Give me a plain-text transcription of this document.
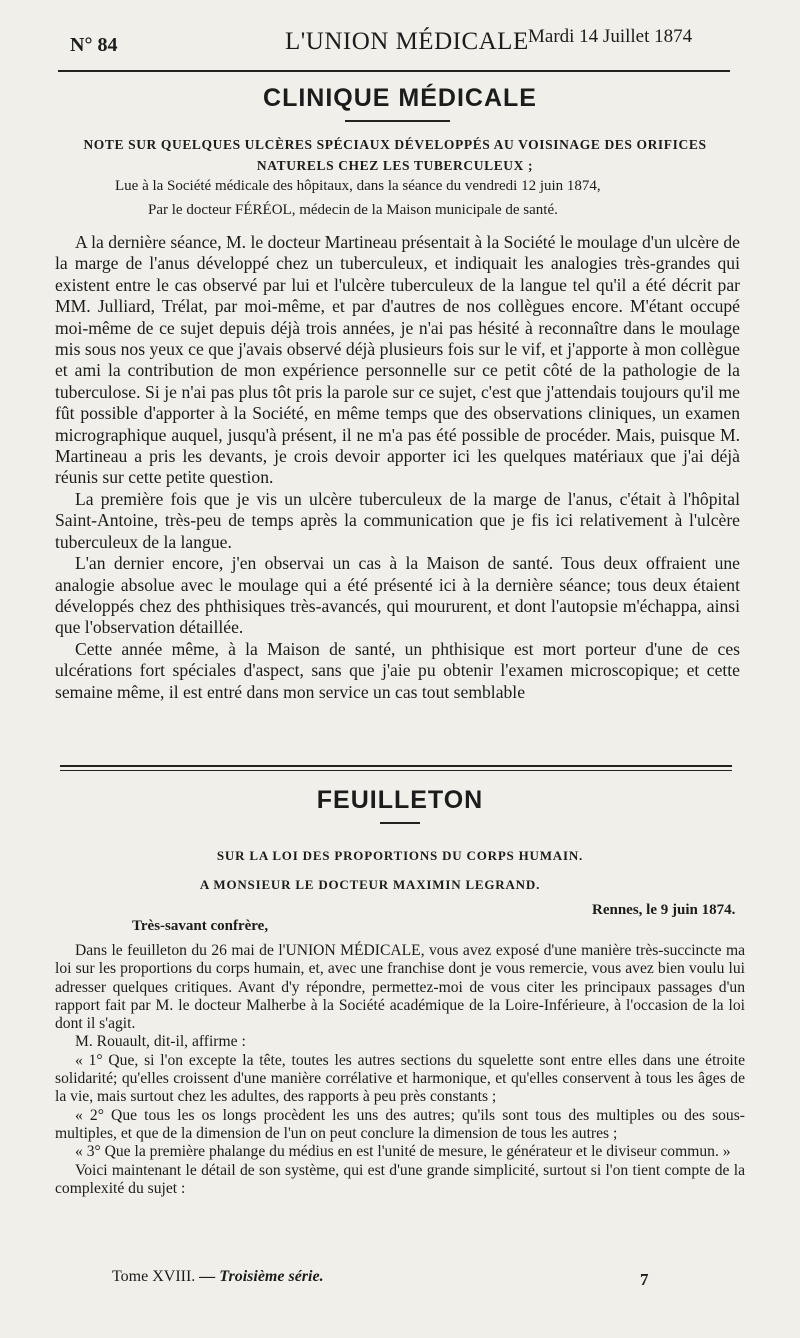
N° 84	L'UNION MÉDICALE Mardi 14 Juillet 1874
CLINIQUE MÉDICALE
NOTE SUR QUELQUES ULCÈRES SPÉCIAUX DÉVELOPPÉS AU VOISINAGE DES ORIFICES NATURELS CHEZ LES TUBERCULEUX ;
Lue à la Société médicale des hôpitaux, dans la séance du vendredi 12 juin 1874,
Par le docteur FÉRÉOL, médecin de la Maison municipale de santé.

A la dernière séance, M. le docteur Martineau présentait à la Société le moulage d'un ulcère de la marge de l'anus développé chez un tuberculeux, et indiquait les analogies très-grandes qui existent entre le cas observé par lui et l'ulcère tuberculeux de la langue tel qu'il a été décrit par MM. Julliard, Trélat, par moi-même, et par d'autres de nos collègues encore. M'étant occupé moi-même de ce sujet depuis déjà trois années, je n'ai pas hésité à reconnaître dans le moulage mis sous nos yeux ce que j'avais observé déjà plusieurs fois sur le vif, et j'apporte à mon collègue et ami la contribution de mon expérience personnelle sur ce petit côté de la pathologie de la tuberculose. Si je n'ai pas plus tôt pris la parole sur ce sujet, c'est que j'attendais toujours qu'il me fût possible d'apporter à la Société, en même temps que des observations cliniques, un examen micrographique auquel, jusqu'à présent, il ne m'a pas été possible de procéder. Mais, puisque M. Martineau a pris les devants, je crois devoir apporter ici les quelques matériaux que j'ai déjà réunis sur cette petite question.

La première fois que je vis un ulcère tuberculeux de la marge de l'anus, c'était à l'hôpital Saint-Antoine, très-peu de temps après la communication que je fis ici relativement à l'ulcère tuberculeux de la langue.

L'an dernier encore, j'en observai un cas à la Maison de santé. Tous deux offraient une analogie absolue avec le moulage qui a été présenté ici à la dernière séance; tous deux étaient développés chez des phthisiques très-avancés, qui moururent, et dont l'autopsie m'échappa, ainsi que l'observation détaillée.

Cette année même, à la Maison de santé, un phthisique est mort porteur d'une de ces ulcérations fort spéciales d'aspect, sans que j'aie pu obtenir l'examen microscopique; et cette semaine même, il est entré dans mon service un cas tout semblable

FEUILLETON
SUR LA LOI DES PROPORTIONS DU CORPS HUMAIN.
A MONSIEUR LE DOCTEUR MAXIMIN LEGRAND.
Rennes, le 9 juin 1874.
Très-savant confrère,

Dans le feuilleton du 26 mai de l'UNION MÉDICALE, vous avez exposé d'une manière très-succincte ma loi sur les proportions du corps humain, et, avec une franchise dont je vous remercie, vous avez bien voulu lui adresser quelques critiques. Avant d'y répondre, permettez-moi de vous citer les principaux passages d'un rapport fait par M. le docteur Malherbe à la Société académique de la Loire-Inférieure, à l'occasion de la loi dont il s'agit.

M. Rouault, dit-il, affirme :

« 1° Que, si l'on excepte la tête, toutes les autres sections du squelette sont entre elles dans une étroite solidarité; qu'elles croissent d'une manière corrélative et harmonique, et qu'elles conservent à tous les âges de la vie, mais surtout chez les adultes, des rapports à peu près constants ;

« 2° Que tous les os longs procèdent les uns des autres; qu'ils sont tous des multiples ou des sous-multiples, et que de la dimension de l'un on peut conclure la dimension de tous les autres ;

« 3° Que la première phalange du médius en est l'unité de mesure, le générateur et le diviseur commun. »

Voici maintenant le détail de son système, qui est d'une grande simplicité, surtout si l'on tient compte de la complexité du sujet :

Tome XVIII. — Troisième série.	7
